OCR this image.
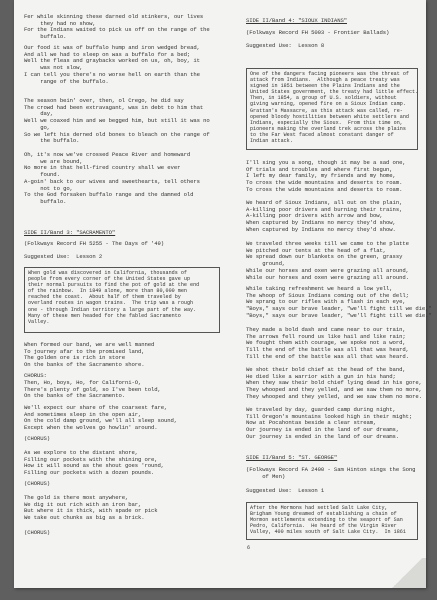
Fer while skinning these darned old stinkers, our lives
they had no show,
For the Indians waited to pick us off on the range of the
buffalo.
Our food it was of buffalo hump and iron wedged bread,
And all we had to sleep on was a buffalo for a bed;
Well the fleas and graybacks worked on us, oh, boy, it
was not slow,
I can tell you there's no worse hell on earth than the
range of the buffalo.
The season bein' over, then, ol Crego, he did say
The crowd had been extravagant, was in debt to him that
day,
Well we coaxed him and we begged him, but still it was no
go,
So we left his derned old bones to bleach on the range of
the buffalo.
Oh, it's now we've crossed Peace River and homeward
we are bound,
No more in that hell-fired country shall we ever
found.
A-goin' back to our wives and sweethearts, tell others
not to go,
To the God forsaken buffalo range and the damned old
buffalo.
SIDE II/Band 3: "SACRAMENTO"
(Folkways Record FH 5255 - The Days of '49)
Suggested Use:  Lesson 2
When gold was discovered in California, thousands of
people from every corner of the United States gave up
their normal pursuits to find the pot of gold at the end
of the rainbow.  In 1849 alone, more than 80,000 men
reached the coast.  About half of them traveled by
overland routes in wagon trains.  The trip was a rough
one - through Indian territory a large part of the way.
Many of these men headed for the fabled Sacramento
Valley.
When formed our band, we are well manned
To journey afar to the promised land,
The golden ore is rich in store
On the banks of the Sacramento shore.
CHORUS:
Then, Ho, boys, Ho, for Californi-O,
There's plenty of gold, so I've been told,
On the banks of the Sacramento.
We'll expect our share of the coarsest fare,
And sometimes sleep in the open air,
On the cold damp ground, we'll all sleep sound,
Except when the wolves go howlin' around.
(CHORUS)
As we explore to the distant shore,
Filling our pockets with the shining ore,
How it will sound as the shout goes 'round,
Filling our pockets with a dozen pounds.
(CHORUS)
The gold is there most anywhere,
We dig it out rich with an iron bar,
But where it is thick, with spade or pick
We take out chunks as big as a brick.
(CHORUS)
SIDE II/Band 4: "SIOUX INDIANS"
(Folkways Record FH 5003 - Frontier Ballads)
Suggested Use:  Lesson 8
One of the dangers facing pioneers was the threat of
attack from Indians.  Although a peace treaty was
signed in 1851 between the Plains Indians and the
United States government, the treaty had little effect.
Then, in 1854, a group of U.S. soldiers, without
giving warning, opened fire on a Sioux Indian camp.
Grattan's Massacre, as this attack was called, re-
opened bloody hostilities between white settlers and
Indians, especially the Sioux.  From this time on,
pioneers making the overland trek across the plains
to the Far West faced almost constant danger of
Indian attack.
I'll sing you a song, though it may be a sad one,
Of trials and troubles and where first begun,
I left my dear family, my friends and my home,
To cross the wide mountains and deserts to roam.
To cross the wide mountains and deserts to roam.
We heard of Sioux Indians, all out on the plain,
A-killing poor drivers and burning their trains,
A-killing poor drivers with arrow and bow,
When captured by Indians no mercy they'd show,
When captured by Indians no mercy they'd show.
We traveled three weeks till we came to the platte
We pitched our tents at the head of a flat,
We spread down our blankets on the green, grassy
ground,
While our horses and oxen were grazing all around,
While our horses and oxen were grazing all around.
While taking refreshment we heard a low yell,
The whoop of Sioux Indians coming out of the dell;
We sprang to our rifles with a flash in each eye,
"Boys," says our brave leader, "we'll fight till we die,"
"Boys," says our brave leader, "we'll fight till we die."
They made a bold dash and came near to our train,
The arrows fell round us like hail and like rain;
We fought them with courage, we spoke not a word,
Till the end of the battle was all that was heard,
Till the end of the battle was all that was heard.
We shot their bold chief at the head of the band,
He died like a warrior with a gun in his hand;
When they saw their bold chief lying dead in his gore,
They whooped and they yelled, and we saw them no more,
They whooped and they yelled, and we saw them no more.
We traveled by day, guarded camp during night,
Till Oregon's mountains looked high in their might;
Now at Pocahontas beside a clear stream,
Our journey is ended in the land of our dreams,
Our journey is ended in the land of our dreams.
SIDE II/Band 5: "ST. GEORGE"
(Folkways Record FA 2400 - Sam Hinton sings the Song
of Men)
Suggested Use:  Lesson 1
After the Mormons had settled Salt Lake City,
Brigham Young dreamed of establishing a chain of
Mormon settlements extending to the seaport of San
Pedro, California.  He heard of the Virgin River
Valley, 400 miles south of Salt Lake City.  In 1861
6
